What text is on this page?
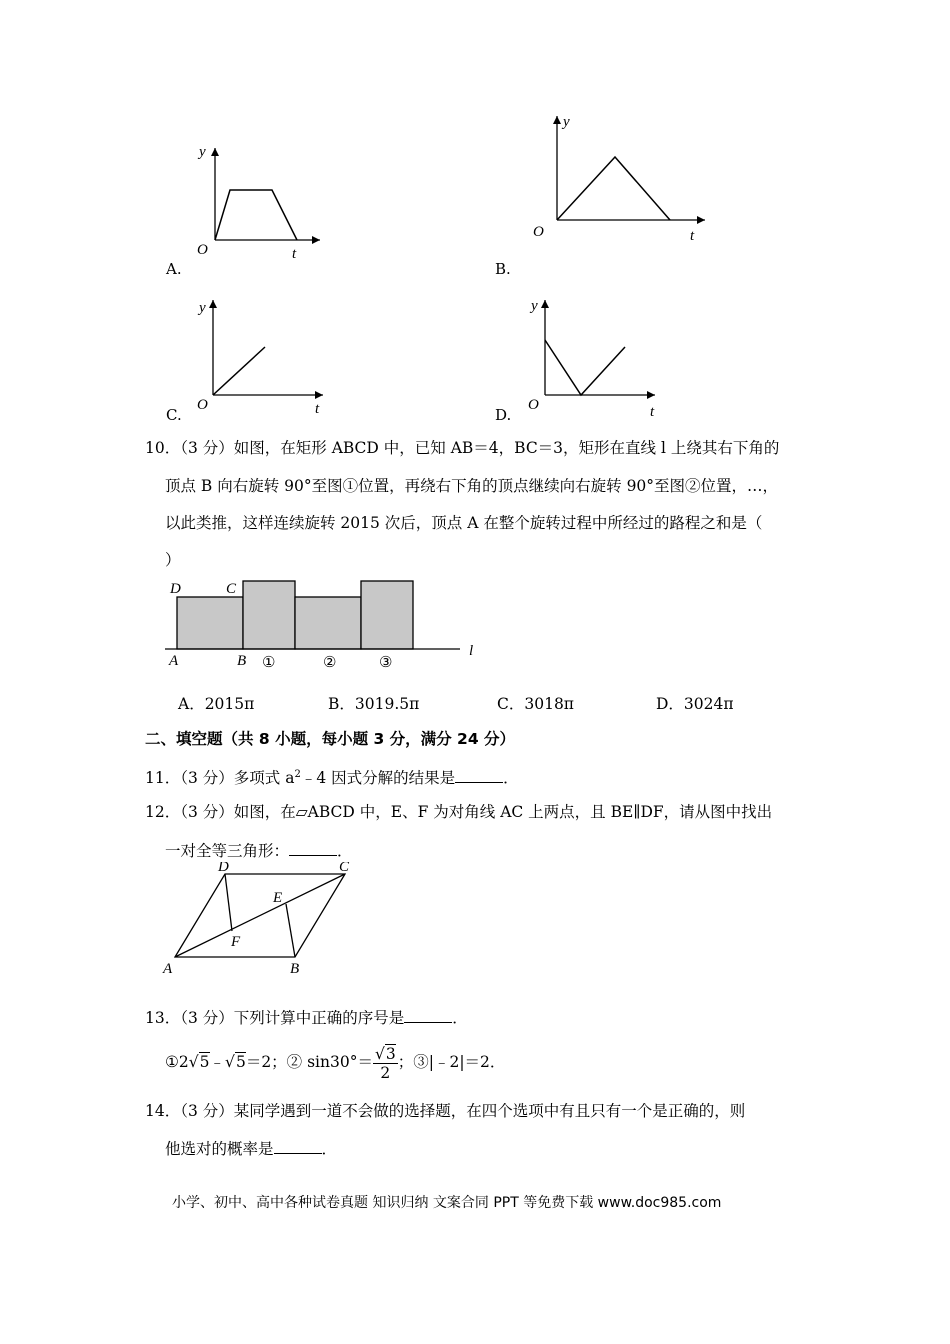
y
O	t
A.
y
O	t
B.
y
O	t
C.
y
O	t
D.
10．（3 分）如图，在矩形 ABCD 中，已知 AB＝4，BC＝3，矩形在直线 l 上绕其右下角的
顶点 B 向右旋转 90°至图①位置，再绕右下角的顶点继续向右旋转 90°至图②位置，…，
以此类推，这样连续旋转 2015 次后，顶点 A 在整个旋转过程中所经过的路程之和是（
）
D	C
A	B
l
①	②	③
A．2015π	B．3019.5π	C．3018π	D．3024π
二、填空题（共 8 小题，每小题 3 分，满分 24 分）
11．（3 分）多项式 $a^2﹣4$ 因式分解的结果是	．
12．（3 分）如图，在▱ABCD 中，E、F 为对角线 AC 上两点，且 BE∥DF，请从图中找出
一对全等三角形：	．
D	C
E
F
A	B
13．（3 分）下列计算中正确的序号是	．
①2√5﹣√5＝2；② $\sin 30^\circ= \frac{√3}{2}$ ；③|﹣2|＝2．
14．（3 分）某同学遇到一道不会做的选择题，在四个选项中有且只有一个是正确的，则
他选对的概率是	．
小学、初中、高中各种试卷真题 知识归纳 文案合同 PPT 等免费下载 www.doc985.com
